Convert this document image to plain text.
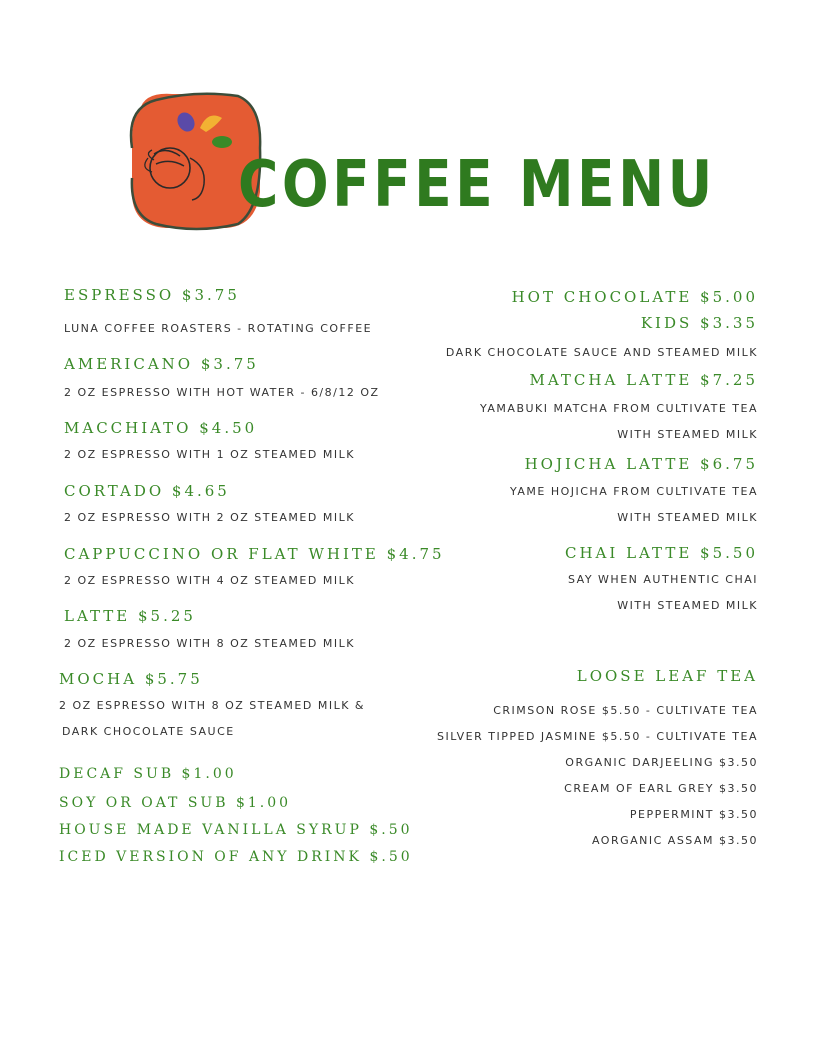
COFFEE MENU
ESPRESSO $3.75
LUNA COFFEE ROASTERS - ROTATING COFFEE
AMERICANO $3.75
2 OZ ESPRESSO WITH HOT WATER - 6/8/12 OZ
MACCHIATO $4.50
2 OZ ESPRESSO WITH 1 OZ STEAMED MILK
CORTADO $4.65
2 OZ ESPRESSO WITH 2 OZ STEAMED MILK
CAPPUCCINO OR FLAT WHITE $4.75
2 OZ ESPRESSO WITH 4 OZ STEAMED MILK
LATTE $5.25
2 OZ ESPRESSO WITH 8 OZ STEAMED MILK
MOCHA $5.75
2 OZ ESPRESSO WITH 8 OZ STEAMED MILK &
DARK CHOCOLATE SAUCE
DECAF SUB $1.00
SOY OR OAT SUB $1.00
HOUSE MADE VANILLA SYRUP $.50
ICED VERSION OF ANY DRINK $.50
HOT CHOCOLATE $5.00
KIDS $3.35
DARK CHOCOLATE SAUCE AND STEAMED MILK
MATCHA LATTE $7.25
YAMABUKI MATCHA FROM CULTIVATE TEA
WITH STEAMED MILK
HOJICHA LATTE $6.75
YAME HOJICHA FROM CULTIVATE TEA
WITH STEAMED MILK
CHAI LATTE $5.50
SAY WHEN AUTHENTIC CHAI
WITH STEAMED MILK
LOOSE LEAF TEA
CRIMSON ROSE $5.50 - CULTIVATE TEA
SILVER TIPPED JASMINE $5.50 - CULTIVATE TEA
ORGANIC DARJEELING $3.50
CREAM OF EARL GREY $3.50
PEPPERMINT $3.50
AORGANIC ASSAM $3.50
